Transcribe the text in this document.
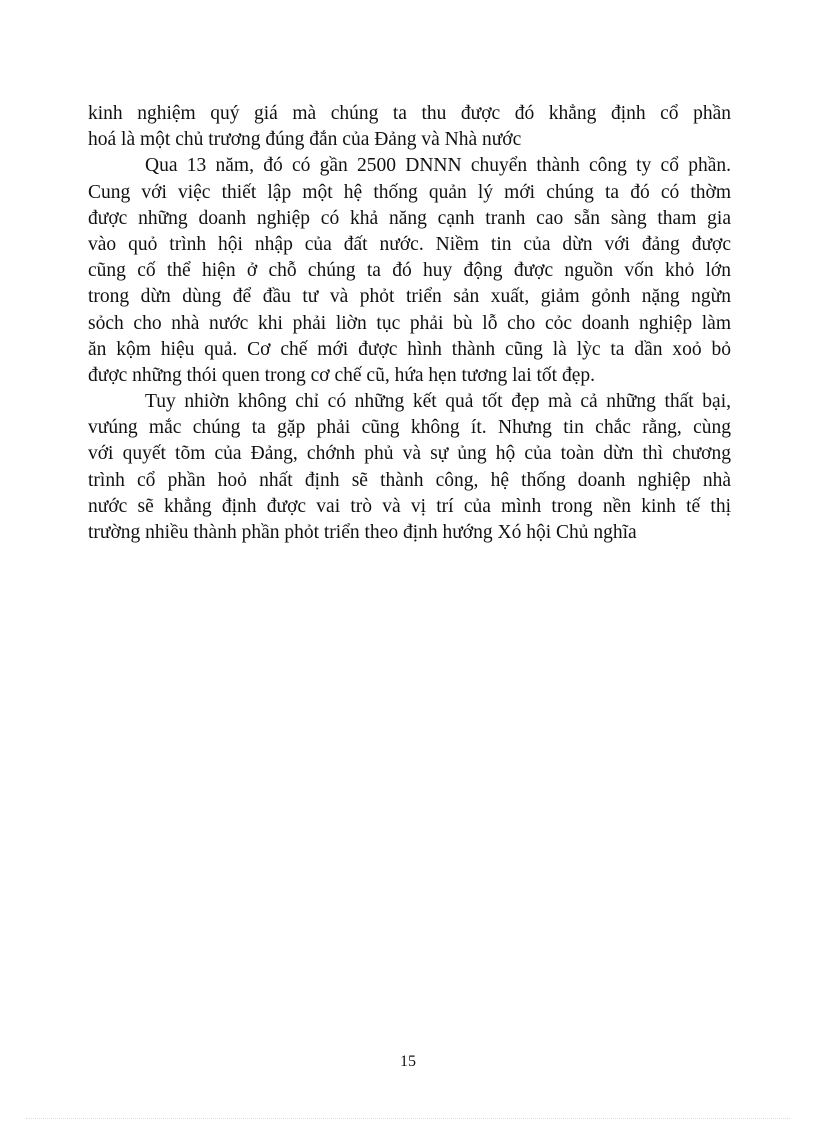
kinh nghiệm quý giá mà chúng ta thu được đó khẳng định cổ phần
hoá là một chủ trương đúng đắn của Đảng và Nhà nước

Qua 13 năm, đó có gần 2500 DNNN chuyển thành công ty cổ phần.
Cung với việc thiết lập một hệ thống quản lý mới chúng ta đó có thờm
được những doanh nghiệp có khả năng cạnh tranh cao sẵn sàng tham gia
vào quỏ trình hội nhập của đất nước. Niềm tin của dừn với đảng được
cũng cố thể hiện ở chỗ chúng ta đó huy động được nguồn vốn khỏ lớn
trong dừn dùng để đầu tư và phỏt triển sản xuất, giảm gỏnh nặng ngừn
sỏch cho nhà nước khi phải liờn tục phải bù lỗ cho cỏc doanh nghiệp làm
ăn kộm hiệu quả. Cơ chế mới được hình thành cũng là lỳc ta dần xoỏ bỏ
được những thói quen trong cơ chế cũ, hứa hẹn tương lai tốt đẹp.

Tuy nhiờn không chỉ có những kết quả tốt đẹp mà cả những thất bại,
vưúng mắc chúng ta gặp phải cũng không ít. Nhưng tin chắc rằng, cùng
với quyết tõm của Đảng, chớnh phủ và sự ủng hộ của toàn dừn thì chương
trình cổ phần hoỏ nhất định sẽ thành công, hệ thống doanh nghiệp nhà
nước sẽ khẳng định được vai trò và vị trí của mình trong nền kinh tế thị
trường nhiều thành phần phỏt triển theo định hướng Xó hội Chủ nghĩa

15
